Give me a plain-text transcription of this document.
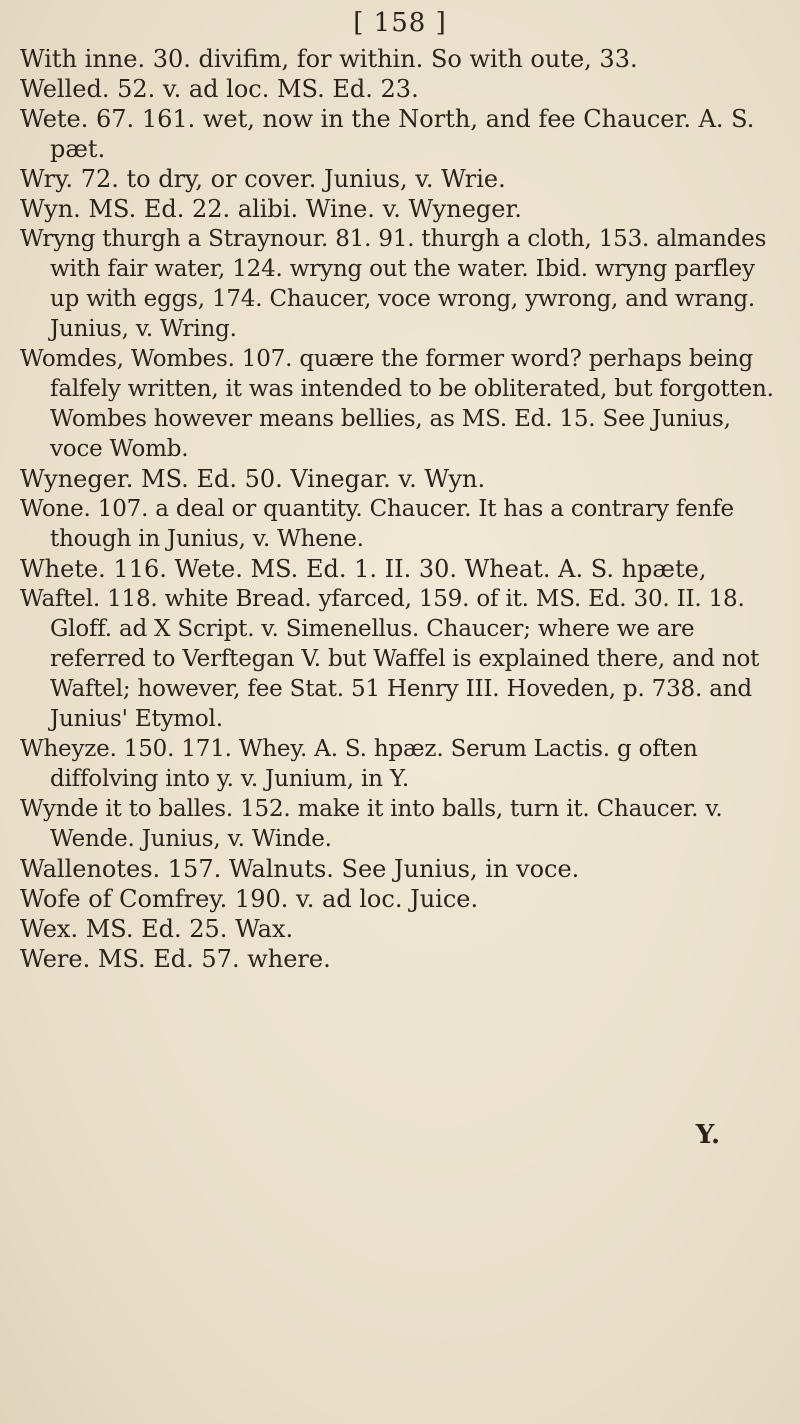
[ 158 ]

With inne. 30. divifim, for within. So with oute, 33.

Welled. 52. v. ad loc. MS. Ed. 23.

Wete. 67. 161. wet, now in the North, and fee Chaucer. A. S. pæt.

Wry. 72. to dry, or cover. Junius, v. Wrie.

Wyn. MS. Ed. 22. alibi. Wine. v. Wyneger.

Wryng thurgh a Straynour. 81. 91. thurgh a cloth, 153. almandes with fair water, 124. wryng out the water. Ibid. wryng parfley up with eggs, 174. Chaucer, voce wrong, ywrong, and wrang. Junius, v. Wring.

Womdes, Wombes. 107. quære the former word? perhaps being falfely written, it was intended to be obliterated, but forgotten. Wombes however means bellies, as MS. Ed. 15. See Junius, voce Womb.

Wyneger. MS. Ed. 50. Vinegar. v. Wyn.

Wone. 107. a deal or quantity. Chaucer. It has a contrary fenfe though in Junius, v. Whene.

Whete. 116. Wete. MS. Ed. 1. II. 30. Wheat. A. S. hpæte,

Waftel. 118. white Bread. yfarced, 159. of it. MS. Ed. 30. II. 18. Gloff. ad X Script. v. Simenellus. Chaucer; where we are referred to Verftegan V. but Waffel is explained there, and not Waftel; however, fee Stat. 51 Henry III. Hoveden, p. 738. and Junius' Etymol.

Wheyze. 150. 171. Whey. A. S. hpæz. Serum Lactis. g often diffolving into y. v. Junium, in Y.

Wynde it to balles. 152. make it into balls, turn it. Chaucer. v. Wende. Junius, v. Winde.

Wallenotes. 157. Walnuts. See Junius, in voce.

Wofe of Comfrey. 190. v. ad loc. Juice.

Wex. MS. Ed. 25. Wax.

Were. MS. Ed. 57. where.

Y.
